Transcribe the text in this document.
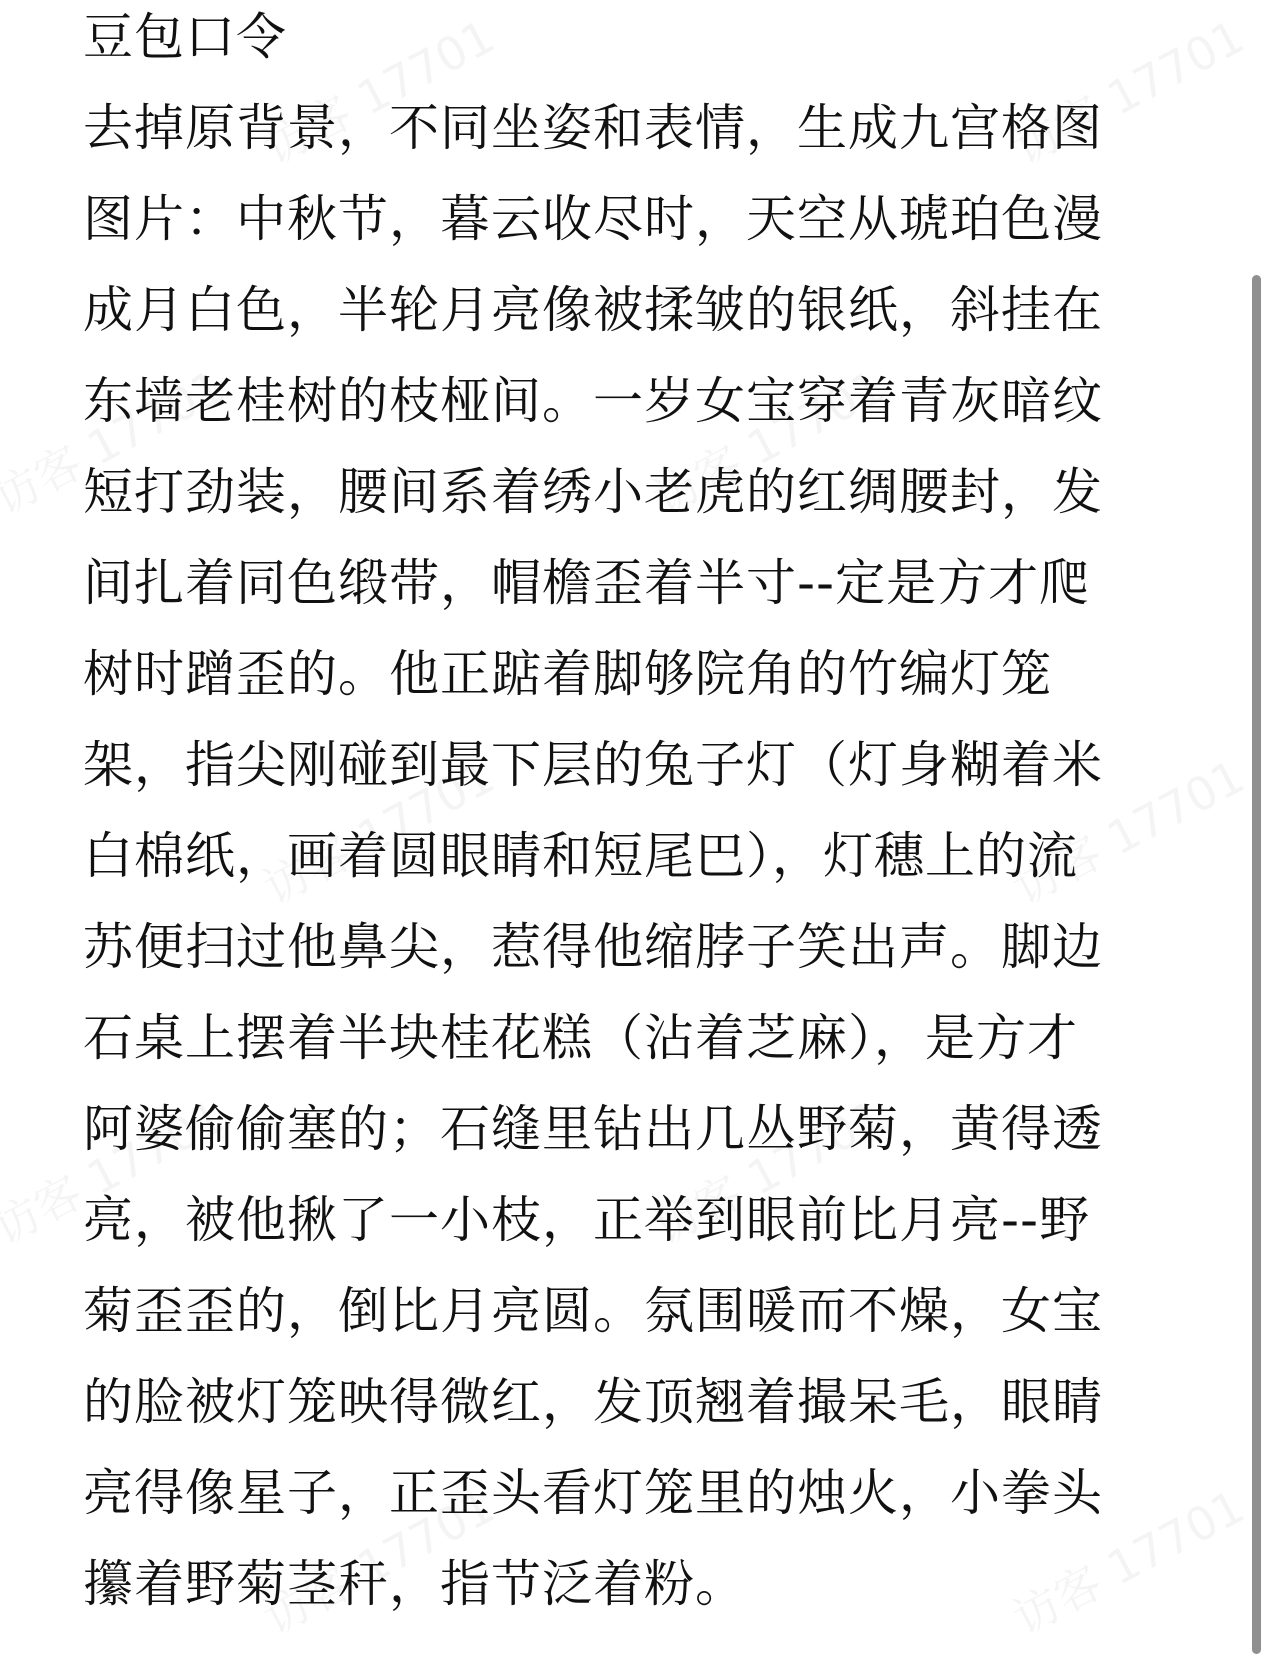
豆包口令
去掉原背景，不同坐姿和表情，生成九宫格图
图片：中秋节，暮云收尽时，天空从琥珀色漫
成月白色，半轮月亮像被揉皱的银纸，斜挂在
东墙老桂树的枝桠间。一岁女宝穿着青灰暗纹
短打劲装，腰间系着绣小老虎的红绸腰封，发
间扎着同色缎带，帽檐歪着半寸--定是方才爬
树时蹭歪的。他正踮着脚够院角的竹编灯笼
架，指尖刚碰到最下层的兔子灯（灯身糊着米
白棉纸，画着圆眼睛和短尾巴），灯穗上的流
苏便扫过他鼻尖，惹得他缩脖子笑出声。脚边
石桌上摆着半块桂花糕（沾着芝麻），是方才
阿婆偷偷塞的；石缝里钻出几丛野菊，黄得透
亮，被他揪了一小枝，正举到眼前比月亮--野
菊歪歪的，倒比月亮圆。氛围暖而不燥，女宝
的脸被灯笼映得微红，发顶翘着撮呆毛，眼睛
亮得像星子，正歪头看灯笼里的烛火，小拳头
攥着野菊茎秆，指节泛着粉。
